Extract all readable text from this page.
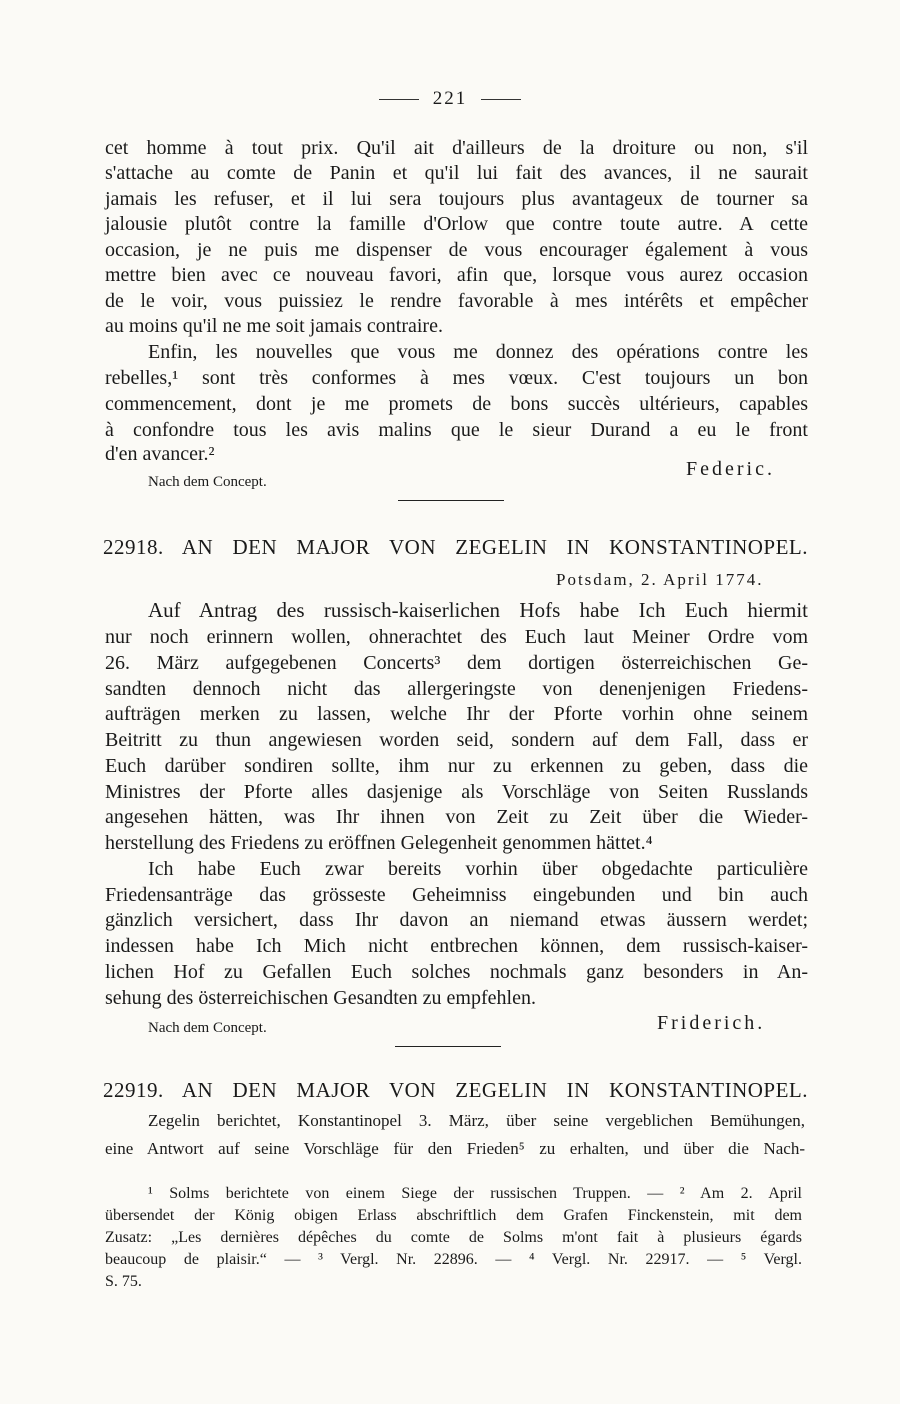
221
cet homme à tout prix. Qu'il ait d'ailleurs de la droiture ou non, s'il
s'attache au comte de Panin et qu'il lui fait des avances, il ne saurait
jamais les refuser, et il lui sera toujours plus avantageux de tourner sa
jalousie plutôt contre la famille d'Orlow que contre toute autre. A cette
occasion, je ne puis me dispenser de vous encourager également à vous
mettre bien avec ce nouveau favori, afin que, lorsque vous aurez occasion
de le voir, vous puissiez le rendre favorable à mes intérêts et empêcher
au moins qu'il ne me soit jamais contraire.
Enfin, les nouvelles que vous me donnez des opérations contre les
rebelles,¹ sont très conformes à mes vœux. C'est toujours un bon
commencement, dont je me promets de bons succès ultérieurs, capables
à confondre tous les avis malins que le sieur Durand a eu le front
d'en avancer.²
Federic.
Nach dem Concept.
22918. AN DEN MAJOR VON ZEGELIN IN KONSTANTINOPEL.
Potsdam, 2. April 1774.
Auf Antrag des russisch-kaiserlichen Hofs habe Ich Euch hiermit
nur noch erinnern wollen, ohnerachtet des Euch laut Meiner Ordre vom
26. März aufgegebenen Concerts³ dem dortigen österreichischen Ge-
sandten dennoch nicht das allergeringste von denenjenigen Friedens-
aufträgen merken zu lassen, welche Ihr der Pforte vorhin ohne seinem
Beitritt zu thun angewiesen worden seid, sondern auf dem Fall, dass er
Euch darüber sondiren sollte, ihm nur zu erkennen zu geben, dass die
Ministres der Pforte alles dasjenige als Vorschläge von Seiten Russlands
angesehen hätten, was Ihr ihnen von Zeit zu Zeit über die Wieder-
herstellung des Friedens zu eröffnen Gelegenheit genommen hättet.⁴
Ich habe Euch zwar bereits vorhin über obgedachte particulière
Friedensanträge das grösseste Geheimniss eingebunden und bin auch
gänzlich versichert, dass Ihr davon an niemand etwas äussern werdet;
indessen habe Ich Mich nicht entbrechen können, dem russisch-kaiser-
lichen Hof zu Gefallen Euch solches nochmals ganz besonders in An-
sehung des österreichischen Gesandten zu empfehlen.
Nach dem Concept.	Friderich.
22919. AN DEN MAJOR VON ZEGELIN IN KONSTANTINOPEL.
Zegelin berichtet, Konstantinopel 3. März, über seine vergeblichen Bemühungen,
eine Antwort auf seine Vorschläge für den Frieden⁵ zu erhalten, und über die Nach-
¹ Solms berichtete von einem Siege der russischen Truppen. — ² Am 2. April
übersendet der König obigen Erlass abschriftlich dem Grafen Finckenstein, mit dem
Zusatz: „Les dernières dépêches du comte de Solms m'ont fait à plusieurs égards
beaucoup de plaisir.“ — ³ Vergl. Nr. 22896. — ⁴ Vergl. Nr. 22917. — ⁵ Vergl.
S. 75.
